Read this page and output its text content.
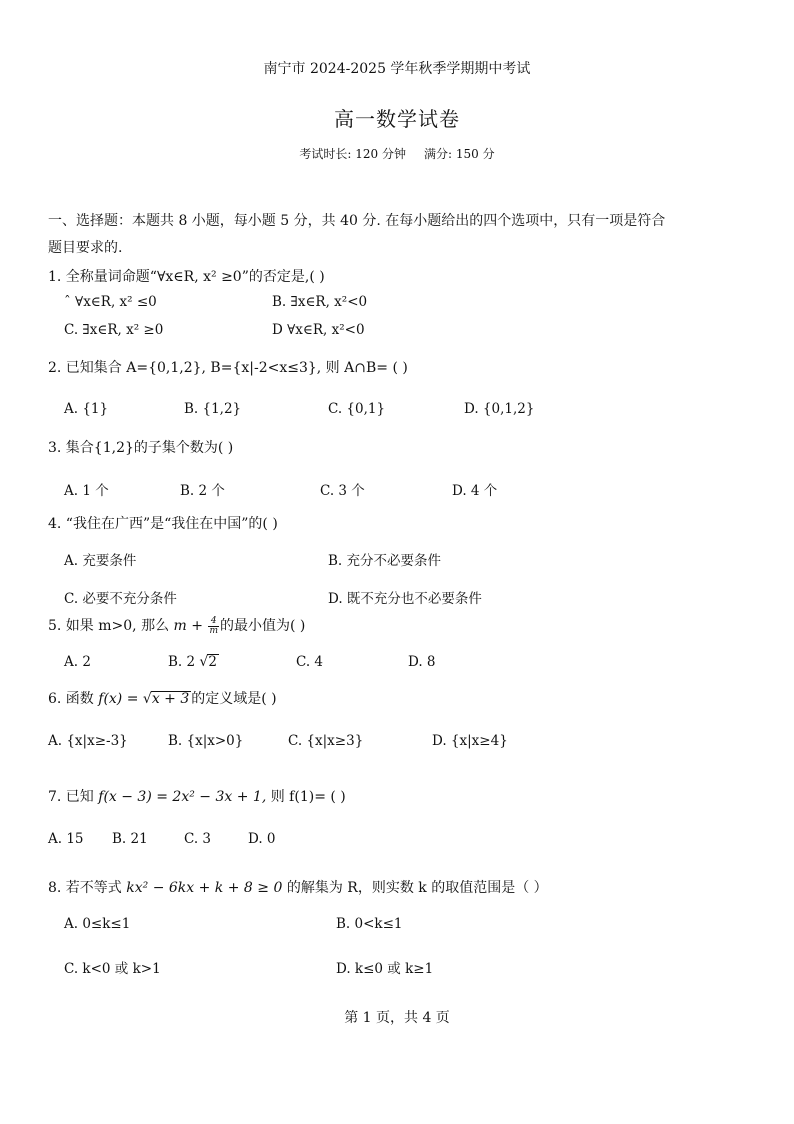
南宁市 2024-2025 学年秋季学期期中考试
高一数学试卷
考试时长: 120 分钟 满分: 150 分
一、选择题：本题共 8 小题，每小题 5 分，共 40 分. 在每小题给出的四个选项中，只有一项是符合
题目要求的.
1. 全称量词命题“∀x∈R, x² ≥0”的否定是,( )
ˆ ∀x∈R, x² ≤0	B. ∃x∈R, x²<0
C. ∃x∈R, x² ≥0	D ∀x∈R, x²<0
2. 已知集合 A={0,1,2}, B={x|-2<x≤3}, 则 A∩B= ( )
A. {1}	B. {1,2}	C. {0,1}	D. {0,1,2}
3. 集合{1,2}的子集个数为( )
A. 1 个	B. 2 个	C. 3 个	D. 4 个
4. “我住在广西”是“我住在中国”的( )
A. 充要条件	B. 充分不必要条件
C. 必要不充分条件	D. 既不充分也不必要条件
5. 如果 m>0, 那么 $m + \frac{4}{m}$ 的最小值为( )
A. 2	B. 2 √2	C. 4	D. 8
6. 函数 f(x) = √x + 3 的定义域是( )
A. {x|x≥-3}	B. {x|x>0}	C. {x|x≥3}	D. {x|x≥4}
7. 已知 f(x − 3) = 2x² − 3x + 1, 则 f(1)= ( )
A. 15 B. 21	C. 3	D. 0
8. 若不等式 kx² − 6kx + k + 8 ≥ 0 的解集为 R，则实数 k 的取值范围是（ ）
A. 0≤k≤1	B. 0<k≤1
C. k<0 或 k>1	D. k≤0 或 k≥1
第 1 页，共 4 页
